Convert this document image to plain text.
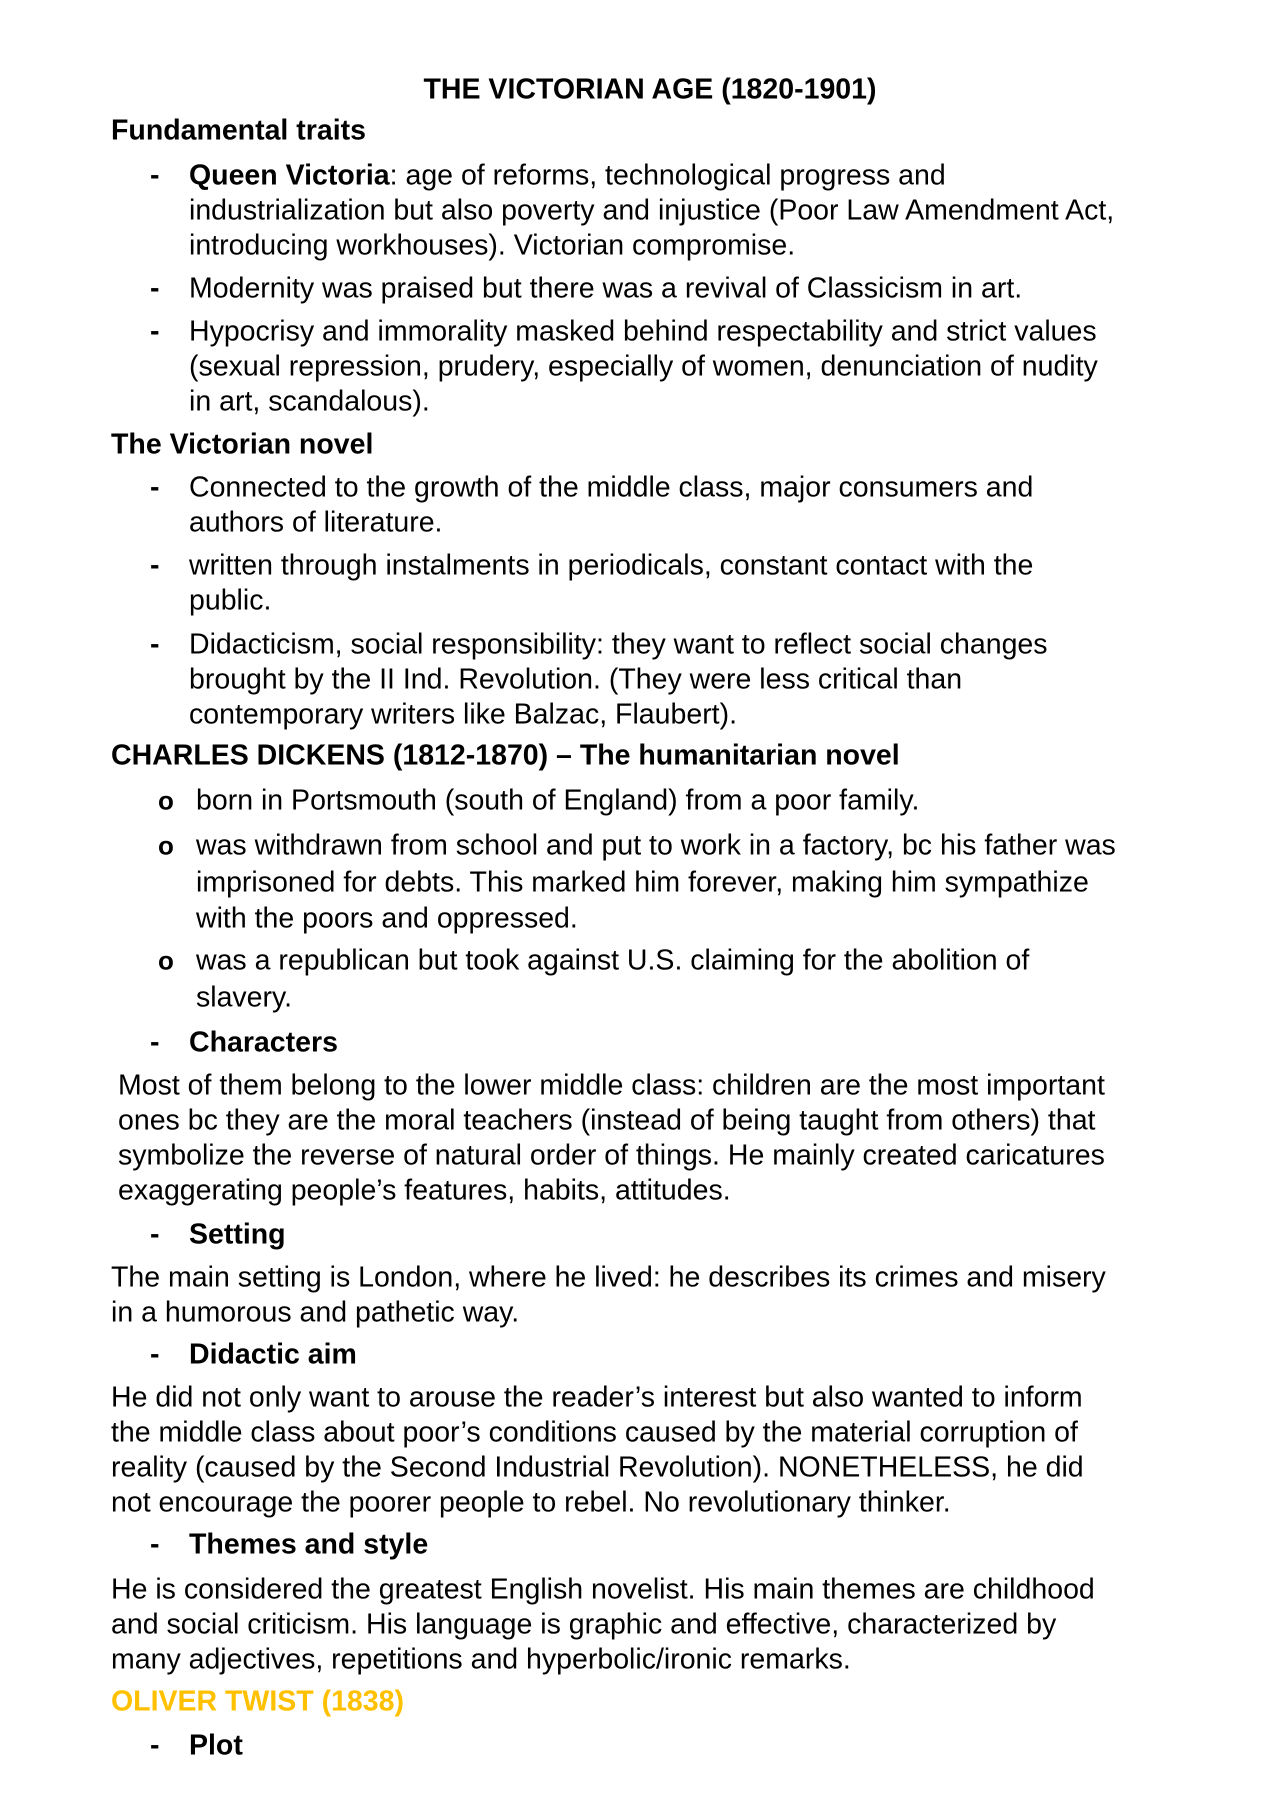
THE VICTORIAN AGE (1820-1901)
Fundamental traits
- Queen Victoria: age of reforms, technological progress and
industrialization but also poverty and injustice (Poor Law Amendment Act,
introducing workhouses). Victorian compromise.
- Modernity was praised but there was a revival of Classicism in art.
- Hypocrisy and immorality masked behind respectability and strict values
(sexual repression, prudery, especially of women, denunciation of nudity
in art, scandalous).
The Victorian novel
- Connected to the growth of the middle class, major consumers and
authors of literature.
- written through instalments in periodicals, constant contact with the
public.
- Didacticism, social responsibility: they want to reflect social changes
brought by the II Ind. Revolution. (They were less critical than
contemporary writers like Balzac, Flaubert).
CHARLES DICKENS (1812-1870) – The humanitarian novel
o born in Portsmouth (south of England) from a poor family.
o was withdrawn from school and put to work in a factory, bc his father was
imprisoned for debts. This marked him forever, making him sympathize
with the poors and oppressed.
o was a republican but took against U.S. claiming for the abolition of
slavery.
- Characters
Most of them belong to the lower middle class: children are the most important
ones bc they are the moral teachers (instead of being taught from others) that
symbolize the reverse of natural order of things. He mainly created caricatures
exaggerating people’s features, habits, attitudes.
- Setting
The main setting is London, where he lived: he describes its crimes and misery
in a humorous and pathetic way.
- Didactic aim
He did not only want to arouse the reader’s interest but also wanted to inform
the middle class about poor’s conditions caused by the material corruption of
reality (caused by the Second Industrial Revolution). NONETHELESS, he did
not encourage the poorer people to rebel. No revolutionary thinker.
- Themes and style
He is considered the greatest English novelist. His main themes are childhood
and social criticism. His language is graphic and effective, characterized by
many adjectives, repetitions and hyperbolic/ironic remarks.
OLIVER TWIST (1838)
- Plot
